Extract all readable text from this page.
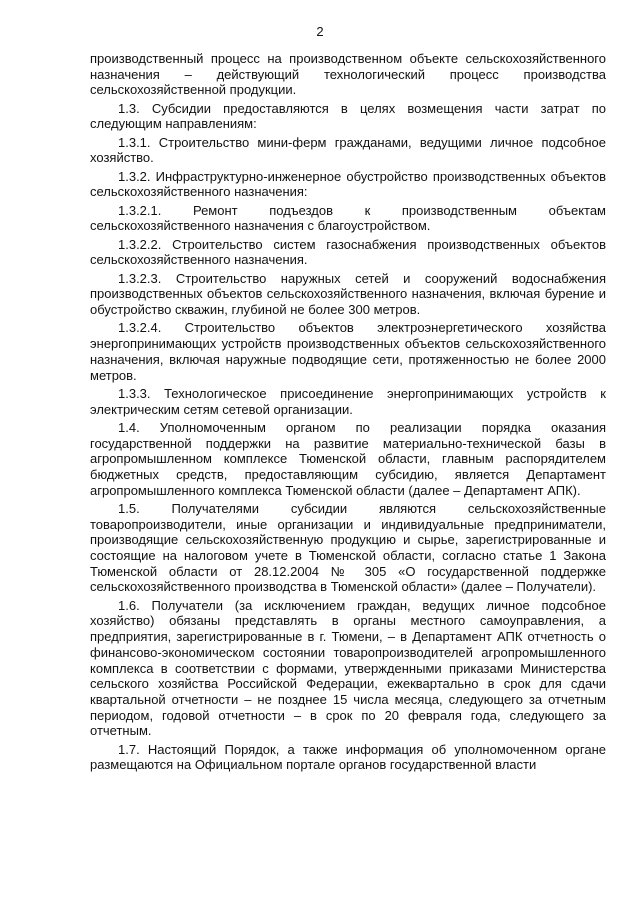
2

производственный процесс на производственном объекте сельскохозяйственного назначения – действующий технологический процесс производства сельскохозяйственной продукции.

1.3. Субсидии предоставляются в целях возмещения части затрат по следующим направлениям:

1.3.1. Строительство мини-ферм гражданами, ведущими личное подсобное хозяйство.

1.3.2. Инфраструктурно-инженерное обустройство производственных объектов сельскохозяйственного назначения:

1.3.2.1. Ремонт подъездов к производственным объектам сельскохозяйственного назначения с благоустройством.

1.3.2.2. Строительство систем газоснабжения производственных объектов сельскохозяйственного назначения.

1.3.2.3. Строительство наружных сетей и сооружений водоснабжения производственных объектов сельскохозяйственного назначения, включая бурение и обустройство скважин, глубиной не более 300 метров.

1.3.2.4. Строительство объектов электроэнергетического хозяйства энергопринимающих устройств производственных объектов сельскохозяйственного назначения, включая наружные подводящие сети, протяженностью не более 2000 метров.

1.3.3. Технологическое присоединение энергопринимающих устройств к электрическим сетям сетевой организации.

1.4. Уполномоченным органом по реализации порядка оказания государственной поддержки на развитие материально-технической базы в агропромышленном комплексе Тюменской области, главным распорядителем бюджетных средств, предоставляющим субсидию, является Департамент агропромышленного комплекса Тюменской области (далее – Департамент АПК).

1.5. Получателями субсидии являются сельскохозяйственные товаропроизводители, иные организации и индивидуальные предприниматели, производящие сельскохозяйственную продукцию и сырье, зарегистрированные и состоящие на налоговом учете в Тюменской области, согласно статье 1 Закона Тюменской области от 28.12.2004 № 305 «О государственной поддержке сельскохозяйственного производства в Тюменской области» (далее – Получатели).

1.6. Получатели (за исключением граждан, ведущих личное подсобное хозяйство) обязаны представлять в органы местного самоуправления, а предприятия, зарегистрированные в г. Тюмени, – в Департамент АПК отчетность о финансово-экономическом состоянии товаропроизводителей агропромышленного комплекса в соответствии с формами, утвержденными приказами Министерства сельского хозяйства Российской Федерации, ежеквартально в срок для сдачи квартальной отчетности – не позднее 15 числа месяца, следующего за отчетным периодом, годовой отчетности – в срок по 20 февраля года, следующего за отчетным.

1.7. Настоящий Порядок, а также информация об уполномоченном органе размещаются на Официальном портале органов государственной власти
